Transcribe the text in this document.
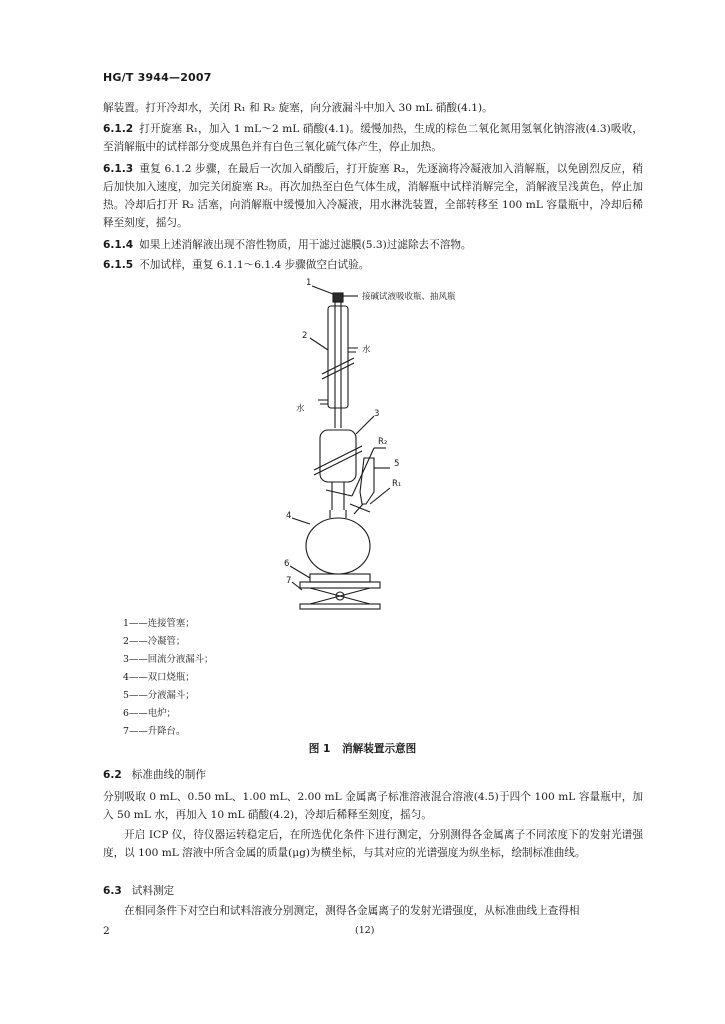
HG/T 3944—2007

解装置。打开冷却水，关闭 R₁ 和 R₂ 旋塞，向分液漏斗中加入 30 mL 硝酸(4.1)。

6.1.2 打开旋塞 R₁，加入 1 mL～2 mL 硝酸(4.1)。缓慢加热，生成的棕色二氧化氮用氢氧化钠溶液(4.3)吸收，至消解瓶中的试样部分变成黑色并有白色三氧化硫气体产生，停止加热。

6.1.3 重复 6.1.2 步骤，在最后一次加入硝酸后，打开旋塞 R₂，先逐滴将冷凝液加入消解瓶，以免剧烈反应，稍后加快加入速度，加完关闭旋塞 R₂。再次加热至白色气体生成，消解瓶中试样消解完全，消解液呈浅黄色，停止加热。冷却后打开 R₂ 活塞，向消解瓶中缓慢加入冷凝液，用水淋洗装置，全部转移至 100 mL 容量瓶中，冷却后稀释至刻度，摇匀。

6.1.4 如果上述消解液出现不溶性物质，用干滤过滤膜(5.3)过滤除去不溶物。

6.1.5 不加试样，重复 6.1.1～6.1.4 步骤做空白试验。

接碱试液吸收瓶、抽风瓶
水
水
1
2
3
R₂
5
R₁
4
6
7
1——连接管塞；
2——冷凝管；
3——回流分液漏斗；
4——双口烧瓶；
5——分液漏斗；
6——电炉；
7——升降台。
图 1 消解装置示意图
6.2 标准曲线的制作

分别吸取 0 mL、0.50 mL、1.00 mL、2.00 mL 金属离子标准溶液混合溶液(4.5)于四个 100 mL 容量瓶中，加入 50 mL 水，再加入 10 mL 硝酸(4.2)，冷却后稀释至刻度，摇匀。

开启 ICP 仪，待仪器运转稳定后，在所选优化条件下进行测定，分别测得各金属离子不同浓度下的发射光谱强度，以 100 mL 溶液中所含金属的质量(μg)为横坐标，与其对应的光谱强度为纵坐标，绘制标准曲线。

6.3 试料测定

在相同条件下对空白和试料溶液分别测定，测得各金属离子的发射光谱强度，从标准曲线上查得相

2	(12)
